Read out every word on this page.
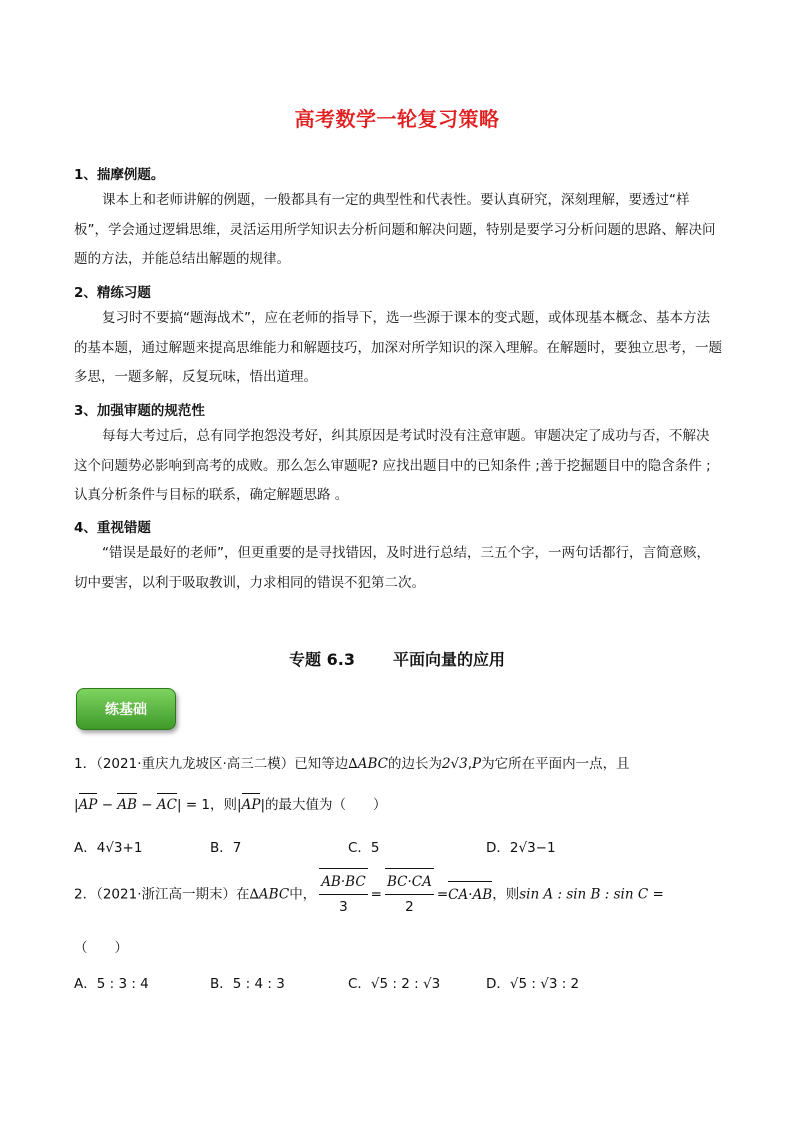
高考数学一轮复习策略
1、揣摩例题。

课本上和老师讲解的例题，一般都具有一定的典型性和代表性。要认真研究，深刻理解，要透过“样板”，学会通过逻辑思维，灵活运用所学知识去分析问题和解决问题，特别是要学习分析问题的思路、解决问题的方法，并能总结出解题的规律。

2、精练习题

复习时不要搞“题海战术”，应在老师的指导下，选一些源于课本的变式题，或体现基本概念、基本方法的基本题，通过解题来提高思维能力和解题技巧，加深对所学知识的深入理解。在解题时，要独立思考，一题多思，一题多解，反复玩味，悟出道理。

3、加强审题的规范性

每每大考过后，总有同学抱怨没考好，纠其原因是考试时没有注意审题。审题决定了成功与否，不解决这个问题势必影响到高考的成败。那么怎么审题呢? 应找出题目中的已知条件 ;善于挖掘题目中的隐含条件 ;认真分析条件与目标的联系，确定解题思路 。

4、重视错题

“错误是最好的老师”，但更重要的是寻找错因，及时进行总结，三五个字，一两句话都行，言简意赅，切中要害，以利于吸取教训，力求相同的错误不犯第二次。

专题 6.3 平面向量的应用
练基础
1．（2021·重庆九龙坡区·高三二模）已知等边∆ABC的边长为2√3,P为它所在平面内一点，且
|AP − AB − AC| = 1，则|AP|的最大值为（　　）
A．4√3+1	B．7	C．5	D．2√3−1
2．（2021·浙江高一期末）在∆ABC中， $\frac{AB\cdot BC}{3} = \frac{BC\cdot CA}{2} =CA\cdot AB$，则sin A : sin B : sin C =
（　　）
A．5 : 3 : 4	B．5 : 4 : 3	C．√5 : 2 : √3	D．√5 : √3 : 2
